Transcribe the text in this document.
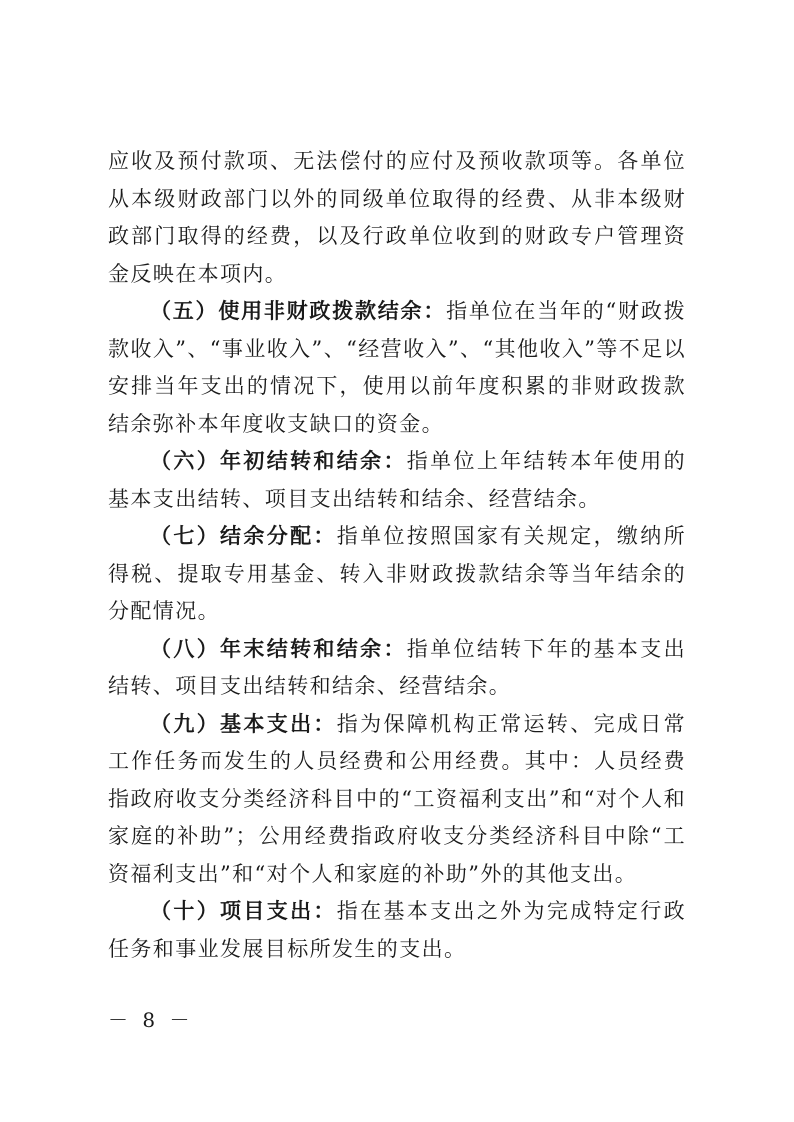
应收及预付款项、无法偿付的应付及预收款项等。各单位从本级财政部门以外的同级单位取得的经费、从非本级财政部门取得的经费，以及行政单位收到的财政专户管理资金反映在本项内。

（五）使用非财政拨款结余：指单位在当年的“财政拨款收入”、“事业收入”、“经营收入”、“其他收入”等不足以安排当年支出的情况下，使用以前年度积累的非财政拨款结余弥补本年度收支缺口的资金。

（六）年初结转和结余：指单位上年结转本年使用的基本支出结转、项目支出结转和结余、经营结余。

（七）结余分配：指单位按照国家有关规定，缴纳所得税、提取专用基金、转入非财政拨款结余等当年结余的分配情况。

（八）年末结转和结余：指单位结转下年的基本支出结转、项目支出结转和结余、经营结余。

（九）基本支出：指为保障机构正常运转、完成日常工作任务而发生的人员经费和公用经费。其中：人员经费指政府收支分类经济科目中的“工资福利支出”和“对个人和家庭的补助”；公用经费指政府收支分类经济科目中除“工资福利支出”和“对个人和家庭的补助”外的其他支出。

（十）项目支出：指在基本支出之外为完成特定行政任务和事业发展目标所发生的支出。

－ 8 －
